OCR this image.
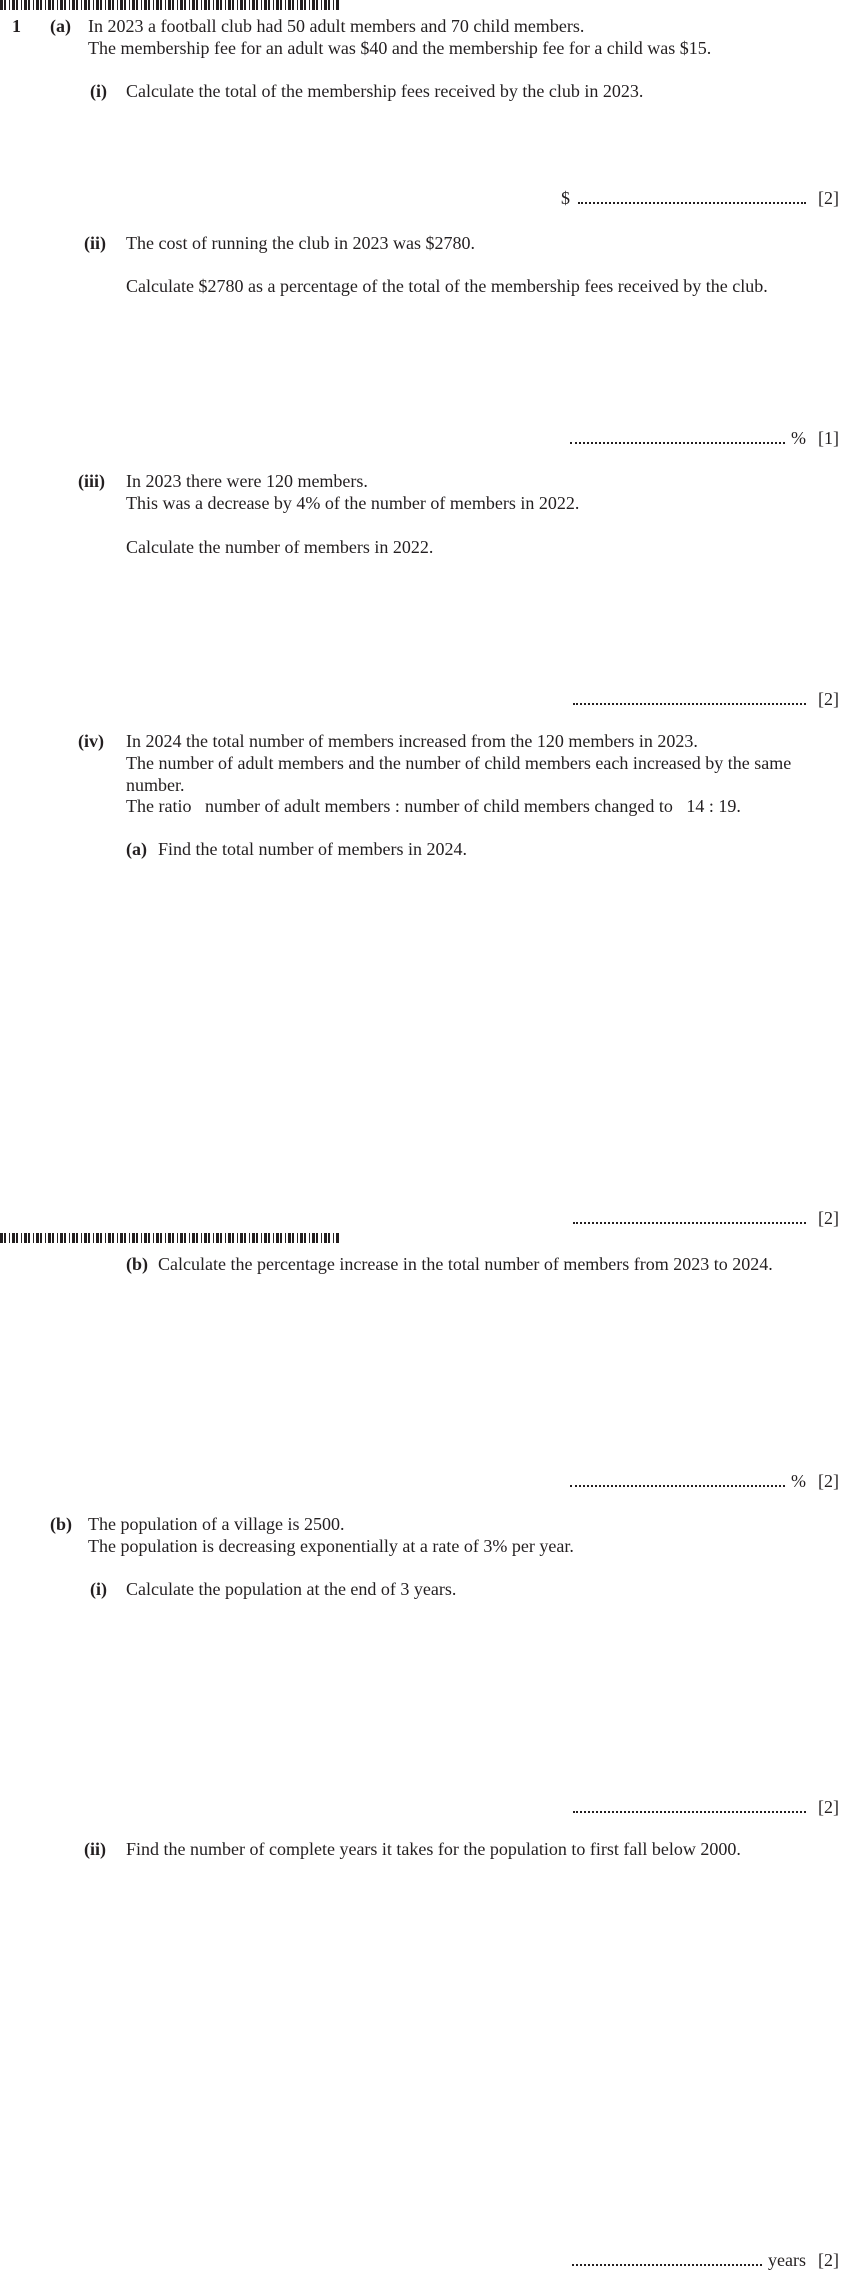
1 (a) In 2023 a football club had 50 adult members and 70 child members.
The membership fee for an adult was $40 and the membership fee for a child was $15.
(i) Calculate the total of the membership fees received by the club in 2023.
$	[2]
(ii) The cost of running the club in 2023 was $2780.
Calculate $2780 as a percentage of the total of the membership fees received by the club.
% [1]
(iii) In 2023 there were 120 members.
This was a decrease by 4% of the number of members in 2022.
Calculate the number of members in 2022.
[2]
(iv) In 2024 the total number of members increased from the 120 members in 2023.
The number of adult members and the number of child members each increased by the same
number.
The ratio   number of adult members : number of child members changed to   14 : 19.
(a) Find the total number of members in 2024.
[2]
(b) Calculate the percentage increase in the total number of members from 2023 to 2024.
% [2]
(b) The population of a village is 2500.
The population is decreasing exponentially at a rate of 3% per year.
(i) Calculate the population at the end of 3 years.
[2]
(ii) Find the number of complete years it takes for the population to first fall below 2000.
years [2]
